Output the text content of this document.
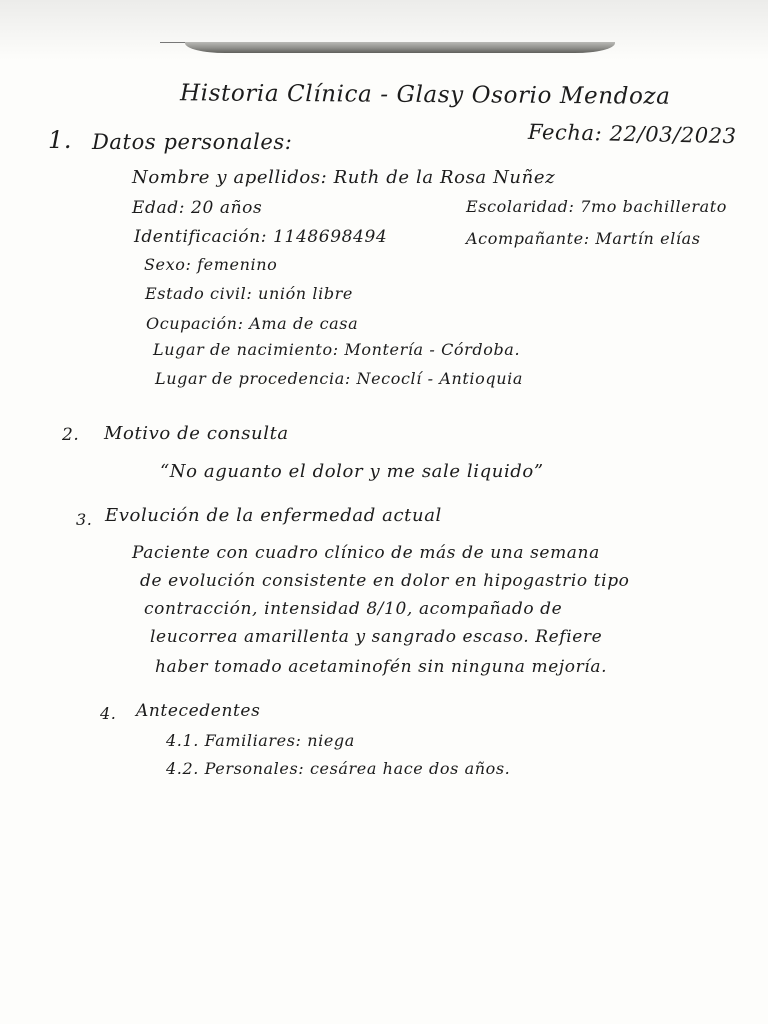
Historia Clínica - Glasy Osorio Mendoza
1. Datos personales:	Fecha: 22/03/2023
Nombre y apellidos: Ruth de la Rosa Nuñez
Edad: 20 años	Escolaridad: 7mo bachillerato
Identificación: 1148698494	Acompañante: Martín elías
Sexo: femenino
Estado civil: unión libre
Ocupación: Ama de casa
Lugar de nacimiento: Montería - Córdoba.
Lugar de procedencia: Necoclí - Antioquia
2. Motivo de consulta
“No aguanto el dolor y me sale liquido”
3. Evolución de la enfermedad actual
Paciente con cuadro clínico de más de una semana
de evolución consistente en dolor en hipogastrio tipo
contracción, intensidad 8/10, acompañado de
leucorrea amarillenta y sangrado escaso. Refiere
haber tomado acetaminofén sin ninguna mejoría.
4. Antecedentes
4.1. Familiares: niega
4.2. Personales: cesárea hace dos años.
